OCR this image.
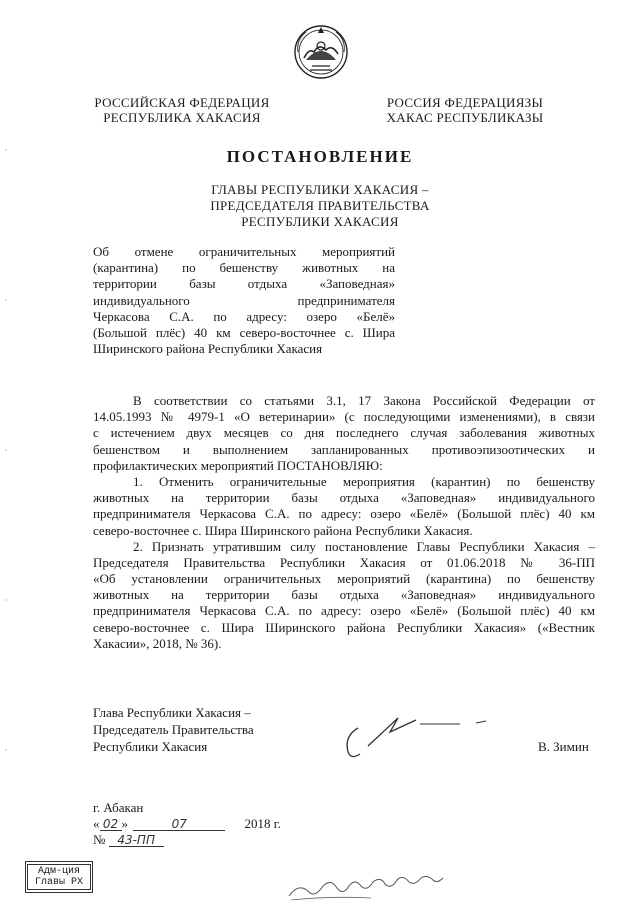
РОССИЙСКАЯ ФЕДЕРАЦИЯ
РЕСПУБЛИКА ХАКАСИЯ
РОССИЯ ФЕДЕРАЦИЯЗЫ
ХАКАС РЕСПУБЛИКАЗЫ
ПОСТАНОВЛЕНИЕ
ГЛАВЫ РЕСПУБЛИКИ ХАКАСИЯ –
ПРЕДСЕДАТЕЛЯ ПРАВИТЕЛЬСТВА
РЕСПУБЛИКИ ХАКАСИЯ
Об отмене ограничительных мероприятий
(карантина) по бешенству животных на
территории базы отдыха «Заповедная»
индивидуального предпринимателя
Черкасова С.А. по адресу: озеро «Белё»
(Большой плёс) 40 км северо-восточнее с. Шира
Ширинского района Республики Хакасия
В соответствии со статьями 3.1, 17 Закона Российской Федерации от
14.05.1993 № 4979-1 «О ветеринарии» (с последующими изменениями), в связи
с истечением двух месяцев со дня последнего случая заболевания животных
бешенством и выполнением запланированных противоэпизоотических и
профилактических мероприятий ПОСТАНОВЛЯЮ:
1. Отменить ограничительные мероприятия (карантин) по бешенству
животных на территории базы отдыха «Заповедная» индивидуального
предпринимателя Черкасова С.А. по адресу: озеро «Белё» (Большой плёс) 40 км
северо-восточнее с. Шира Ширинского района Республики Хакасия.
2. Признать утратившим силу постановление Главы Республики Хакасия –
Председателя Правительства Республики Хакасия от 01.06.2018 № 36-ПП
«Об установлении ограничительных мероприятий (карантина) по бешенству
животных на территории базы отдыха «Заповедная» индивидуального
предпринимателя Черкасова С.А. по адресу: озеро «Белё» (Большой плёс) 40 км
северо-восточнее с. Шира Ширинского района Республики Хакасия» («Вестник
Хакасии», 2018, № 36).
Глава Республики Хакасия –
Председатель Правительства
Республики Хакасия	В. Зимин
г. Абакан
« 02 »	07	2018 г.
№ 43-ПП
Адм-ция
Главы РХ
